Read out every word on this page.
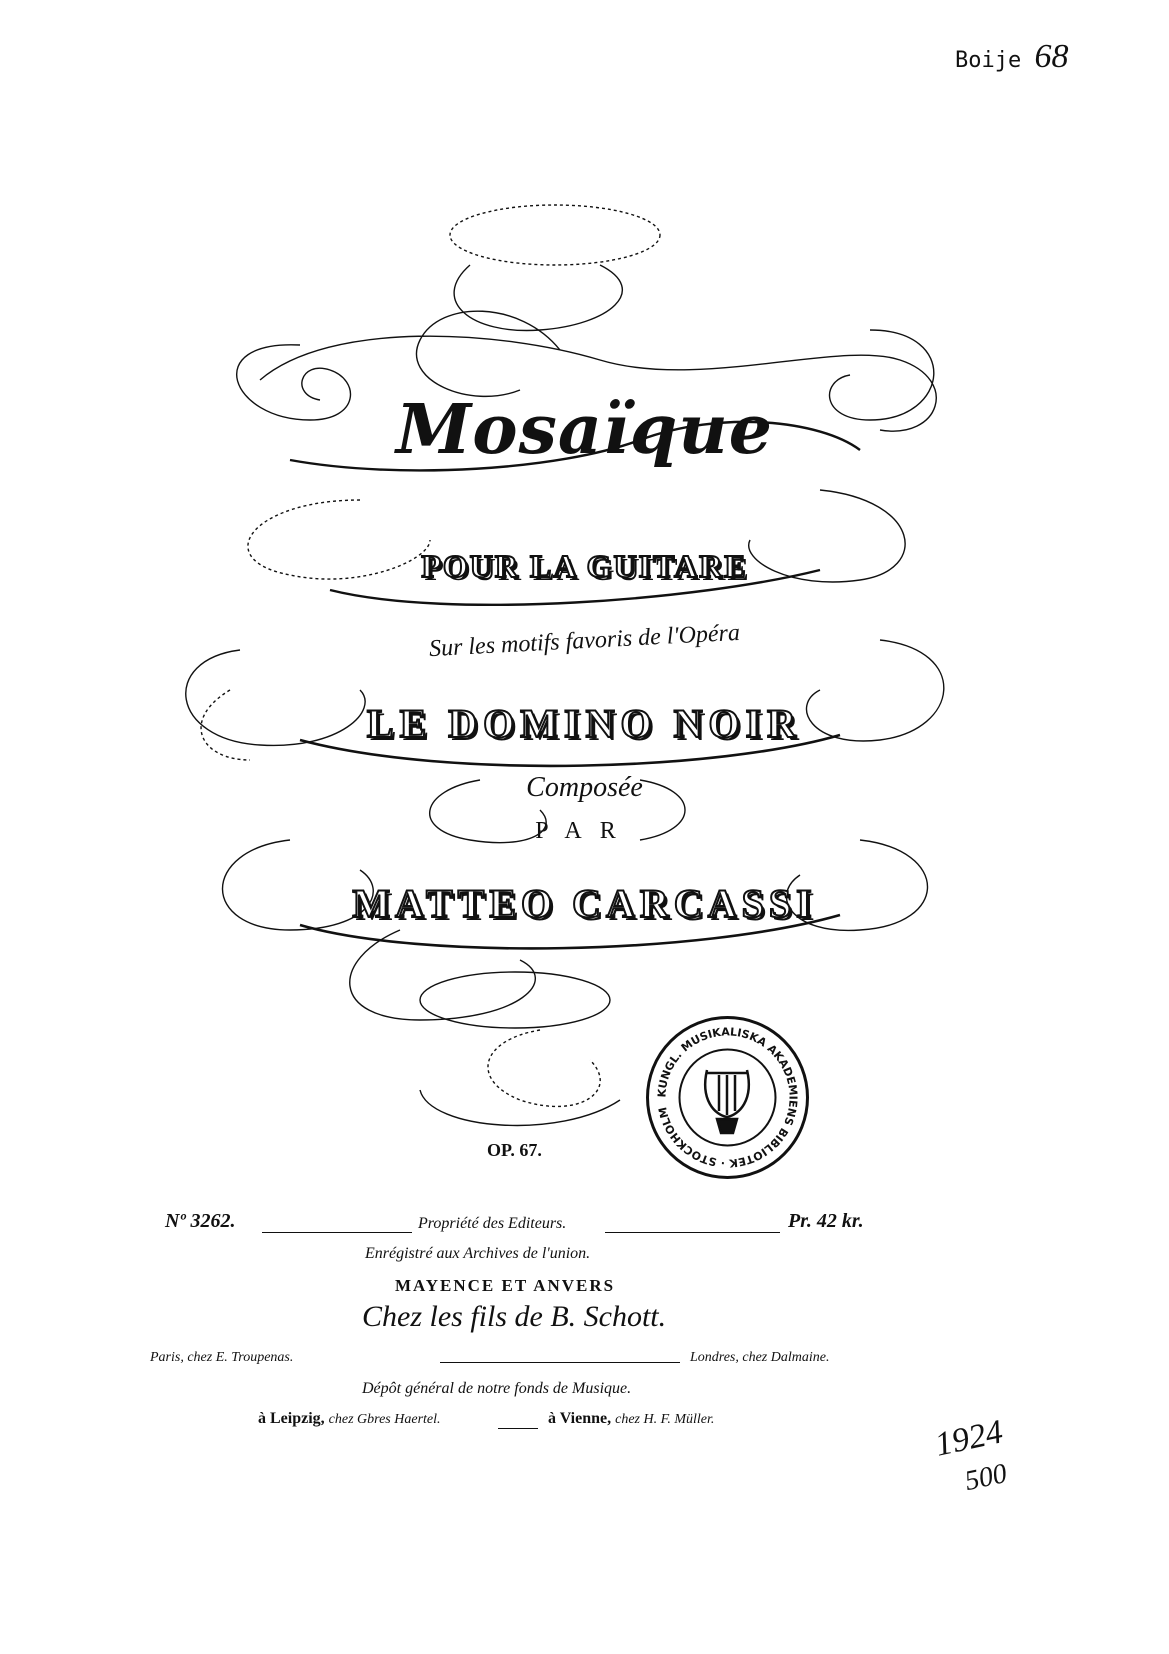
Boije 68
1924
500
Mosaïque
POUR LA GUITARE
Sur les motifs favoris de l'Opéra
LE DOMINO NOIR
Composée
PAR
MATTEO CARCASSI
OP. 67.
KUNGL. MUSIKALISKA AKADEMIENS BIBLIOTEK · STOCKHOLM
Nº 3262.	Propriété des Editeurs.	Pr. 42 kr.
Enrégistré aux Archives de l'union.
MAYENCE ET ANVERS
Chez les fils de B. Schott.
Paris, chez E. Troupenas.	Londres, chez Dalmaine.
Dépôt général de notre fonds de Musique.
à Leipzig, chez Gbres Haertel.	à Vienne, chez H. F. Müller.
